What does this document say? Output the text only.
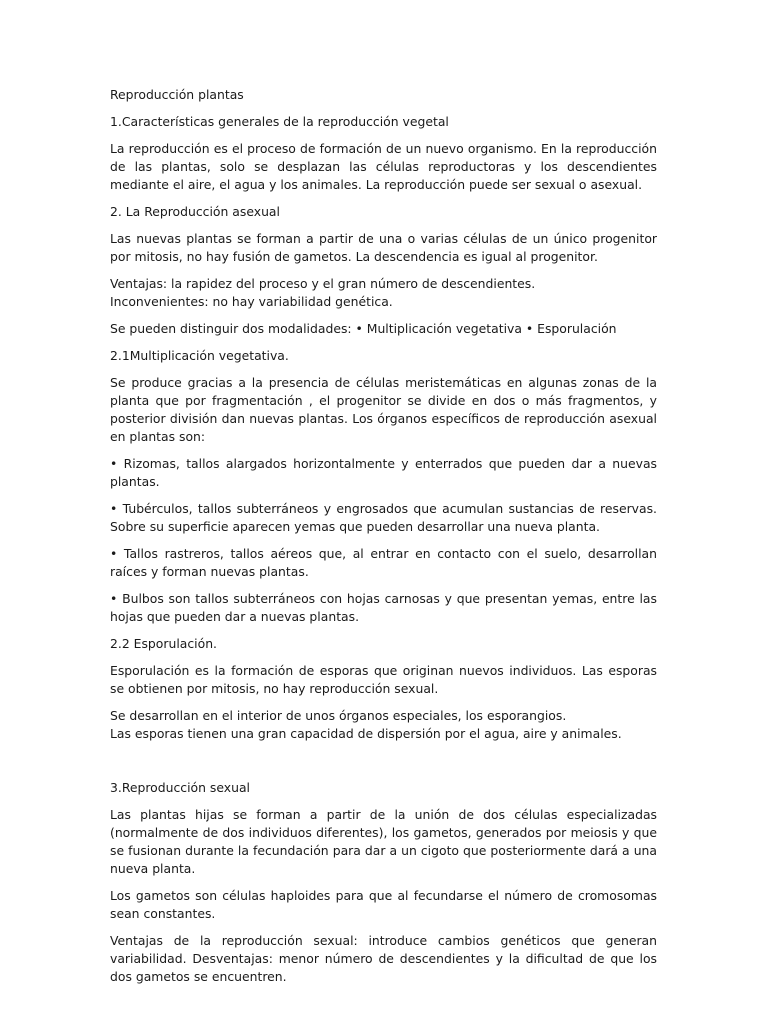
Reproducción plantas

1.Características generales de la reproducción vegetal

La reproducción es el proceso de formación de un nuevo organismo. En la reproducción de las plantas, solo se desplazan las células reproductoras y los descendientes mediante el aire, el agua y los animales. La reproducción puede ser sexual o asexual.

2. La Reproducción asexual

Las nuevas plantas se forman a partir de una o varias células de un único progenitor por mitosis, no hay fusión de gametos. La descendencia es igual al progenitor.

Ventajas: la rapidez del proceso y el gran número de descendientes.
Inconvenientes: no hay variabilidad genética.

Se pueden distinguir dos modalidades: • Multiplicación vegetativa • Esporulación

2.1Multiplicación vegetativa.

Se produce gracias a la presencia de células meristemáticas en algunas zonas de la planta que por fragmentación , el progenitor se divide en dos o más fragmentos, y posterior división dan nuevas plantas. Los órganos específicos de reproducción asexual en plantas son:

• Rizomas, tallos alargados horizontalmente y enterrados que pueden dar a nuevas plantas.

• Tubérculos, tallos subterráneos y engrosados que acumulan sustancias de reservas. Sobre su superficie aparecen yemas que pueden desarrollar una nueva planta.

• Tallos rastreros, tallos aéreos que, al entrar en contacto con el suelo, desarrollan raíces y forman nuevas plantas.

• Bulbos son tallos subterráneos con hojas carnosas y que presentan yemas, entre las hojas que pueden dar a nuevas plantas.

2.2 Esporulación.

Esporulación es la formación de esporas que originan nuevos individuos. Las esporas se obtienen por mitosis, no hay reproducción sexual.

Se desarrollan en el interior de unos órganos especiales, los esporangios.
Las esporas tienen una gran capacidad de dispersión por el agua, aire y animales.

3.Reproducción sexual

Las plantas hijas se forman a partir de la unión de dos células especializadas (normalmente de dos individuos diferentes), los gametos, generados por meiosis y que se fusionan durante la fecundación para dar a un cigoto que posteriormente dará a una nueva planta.

Los gametos son células haploides para que al fecundarse el número de cromosomas sean constantes.

Ventajas de la reproducción sexual: introduce cambios genéticos que generan variabilidad. Desventajas: menor número de descendientes y la dificultad de que los dos gametos se encuentren.
